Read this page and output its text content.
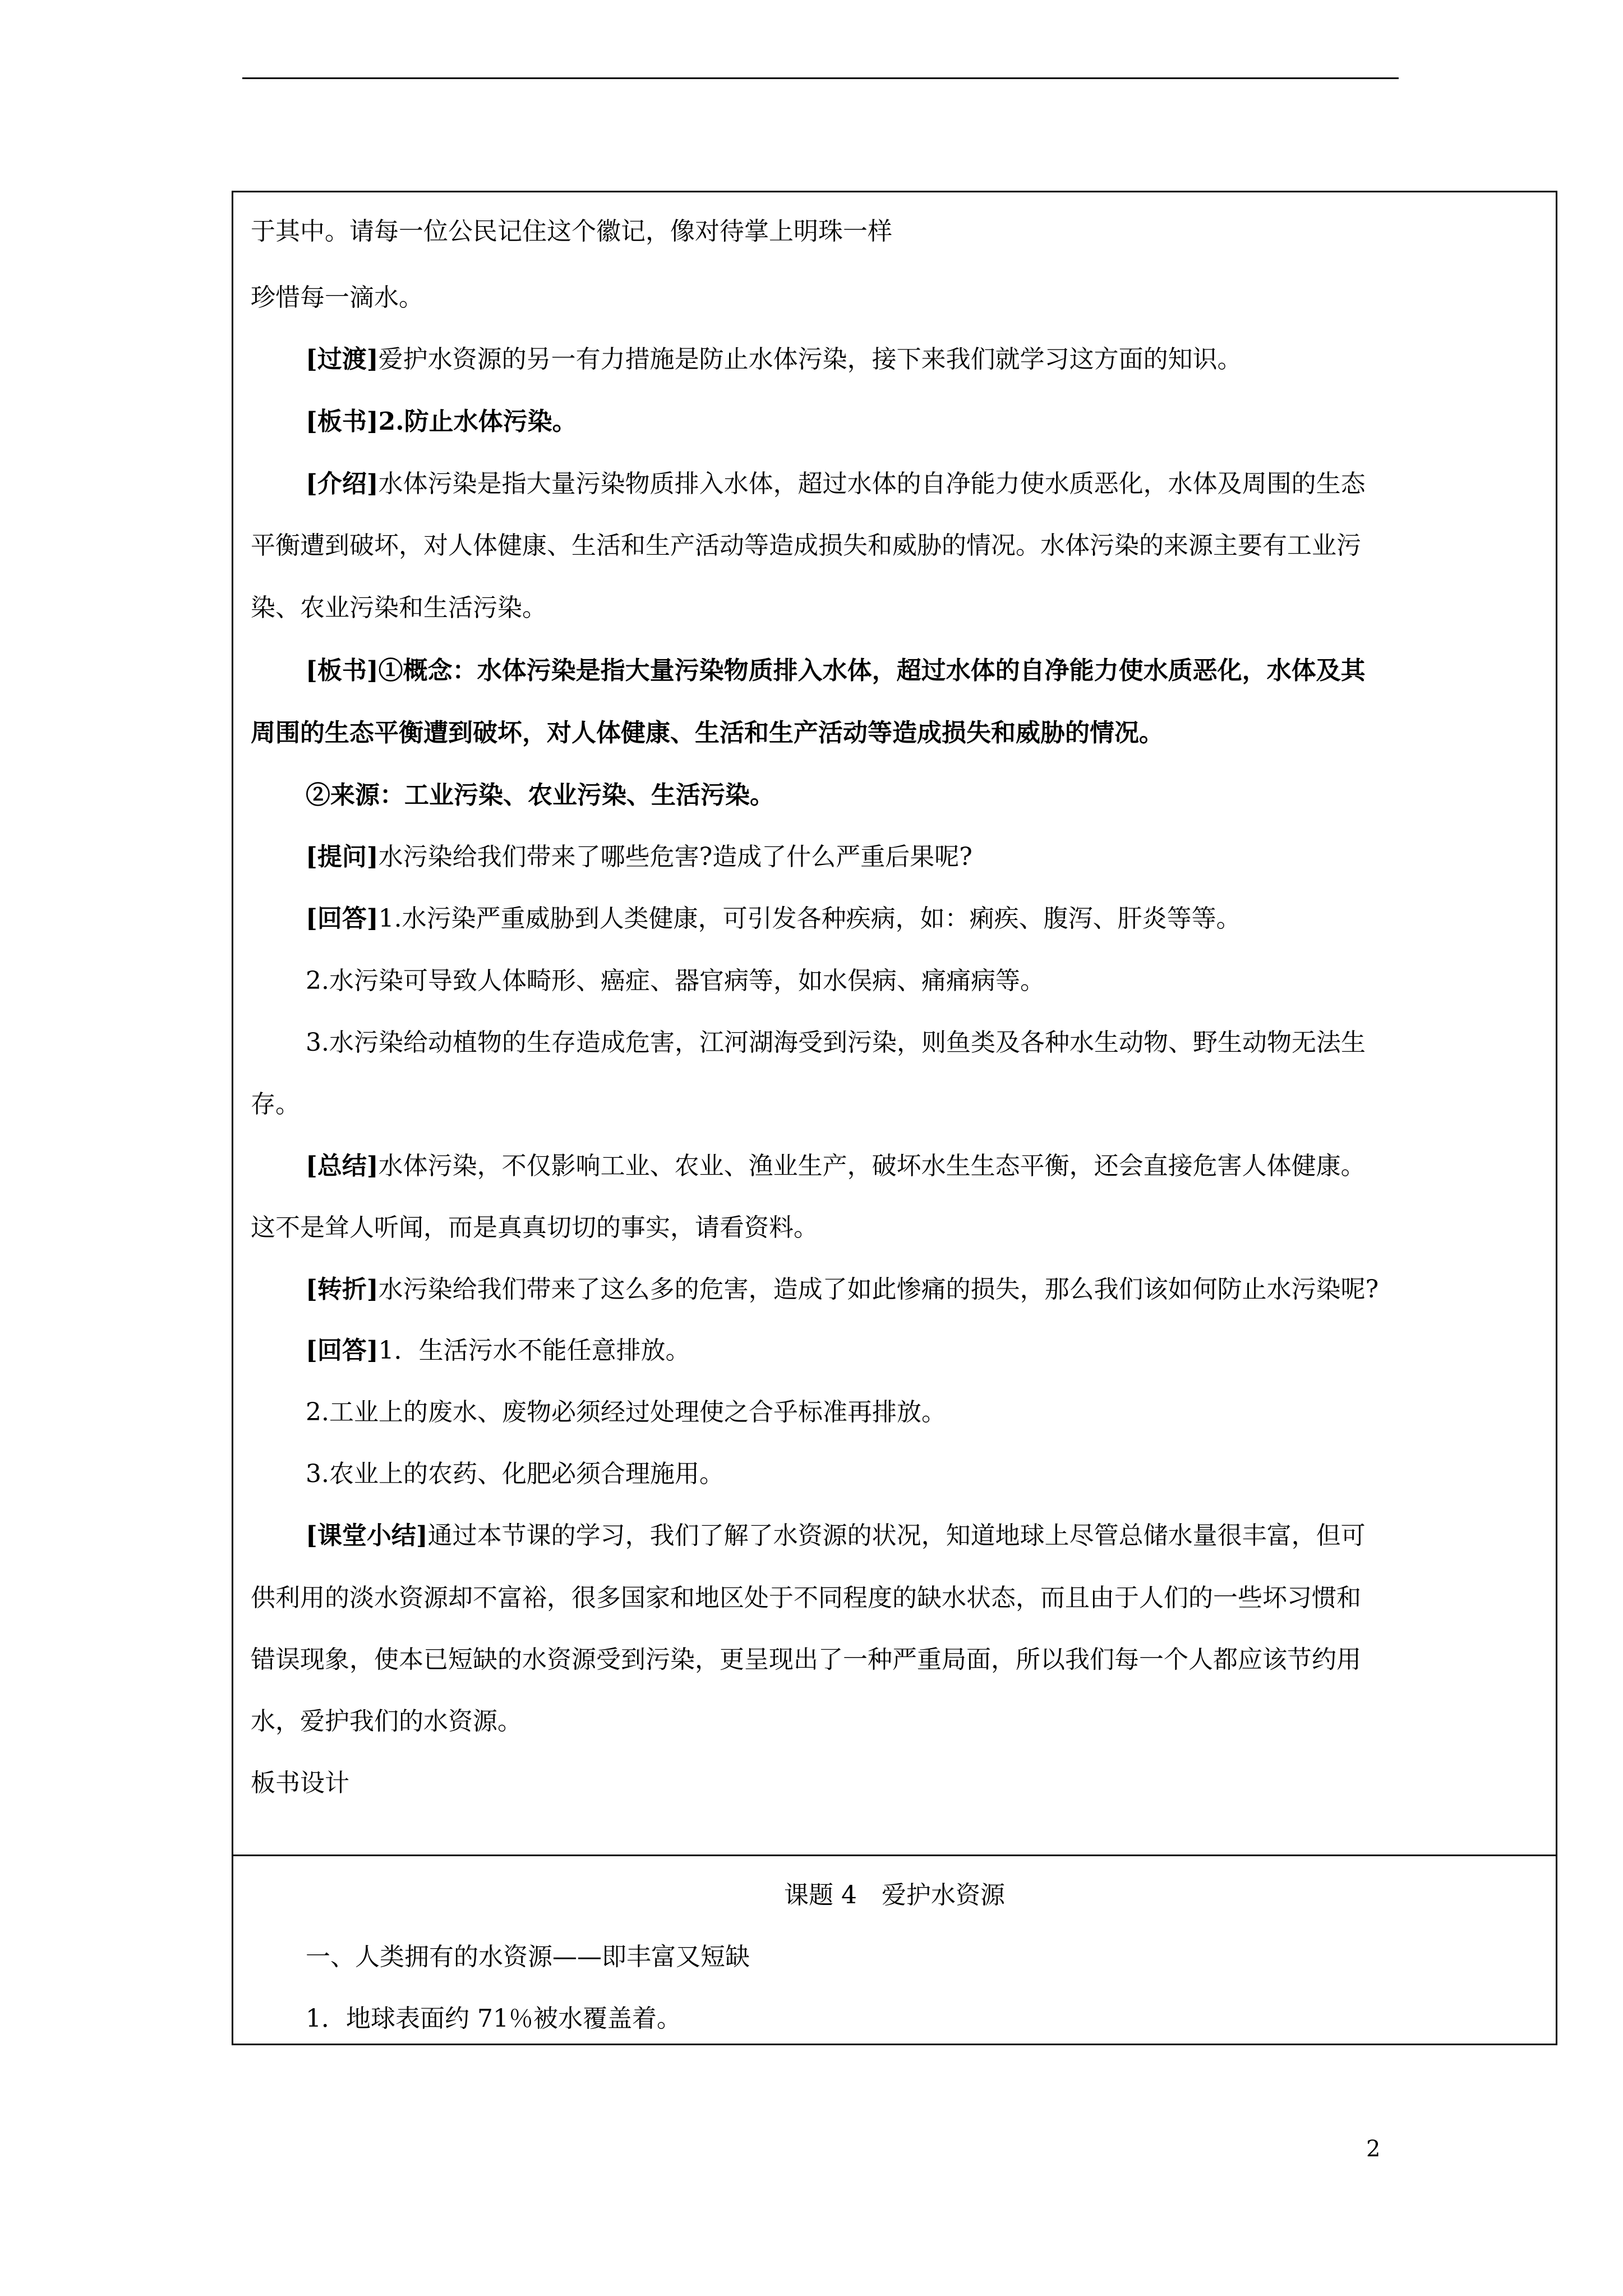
于其中。请每一位公民记住这个徽记，像对待掌上明珠一样
珍惜每一滴水。
[过渡]爱护水资源的另一有力措施是防止水体污染，接下来我们就学习这方面的知识。
[板书]2.防止水体污染。
[介绍]水体污染是指大量污染物质排入水体，超过水体的自净能力使水质恶化，水体及周围的生态
平衡遭到破坏，对人体健康、生活和生产活动等造成损失和威胁的情况。水体污染的来源主要有工业污
染、农业污染和生活污染。
[板书]①概念：水体污染是指大量污染物质排入水体，超过水体的自净能力使水质恶化，水体及其
周围的生态平衡遭到破坏，对人体健康、生活和生产活动等造成损失和威胁的情况。
②来源：工业污染、农业污染、生活污染。
[提问]水污染给我们带来了哪些危害?造成了什么严重后果呢?
[回答]1.水污染严重威胁到人类健康，可引发各种疾病，如：痢疾、腹泻、肝炎等等。
2.水污染可导致人体畸形、癌症、器官病等，如水俣病、痛痛病等。
3.水污染给动植物的生存造成危害，江河湖海受到污染，则鱼类及各种水生动物、野生动物无法生
存。
[总结]水体污染，不仅影响工业、农业、渔业生产，破坏水生生态平衡，还会直接危害人体健康。
这不是耸人听闻，而是真真切切的事实，请看资料。
[转折]水污染给我们带来了这么多的危害，造成了如此惨痛的损失，那么我们该如何防止水污染呢?
[回答]1．生活污水不能任意排放。
2.工业上的废水、废物必须经过处理使之合乎标准再排放。
3.农业上的农药、化肥必须合理施用。
[课堂小结]通过本节课的学习，我们了解了水资源的状况，知道地球上尽管总储水量很丰富，但可
供利用的淡水资源却不富裕，很多国家和地区处于不同程度的缺水状态，而且由于人们的一些坏习惯和
错误现象，使本已短缺的水资源受到污染，更呈现出了一种严重局面，所以我们每一个人都应该节约用
水，爱护我们的水资源。
板书设计
课题 4　爱护水资源
一、人类拥有的水资源——即丰富又短缺
1．地球表面约 71％被水覆盖着。
2
